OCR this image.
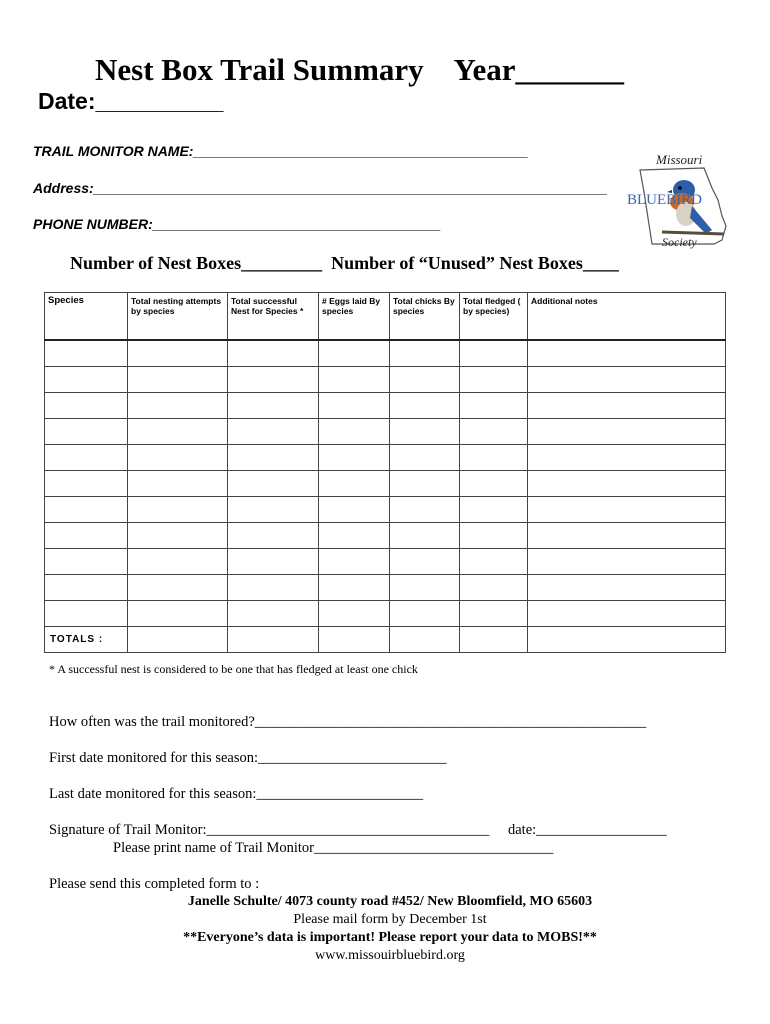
Nest Box Trail Summary    Year_______
Date:__________
TRAIL MONITOR NAME:___________________________________________
Address:__________________________________________________________________
PHONE NUMBER:_____________________________________
Number of Nest Boxes_________  Number of “Unused” Nest Boxes____
Missouri
BLUEBIRD
Society
Species	Total nesting attempts by species	Total successful Nest for Species *	# Eggs laid By species	Total chicks By species	Total fledged ( by species)	Additional notes

TOTALS :						
* A successful nest is considered to be one that has fledged at least one chick
How often was the trail monitored?______________________________________________________
First date monitored for this season:__________________________
Last date monitored for this season:_______________________
Signature of Trail Monitor:_______________________________________ date:__________________
Please print name of Trail Monitor_________________________________
Please send this completed form to :
Janelle Schulte/ 4073 county road #452/ New Bloomfield, MO 65603
Please mail form by December 1st
**Everyone’s data is important! Please report your data to MOBS!**
www.missouirbluebird.org
